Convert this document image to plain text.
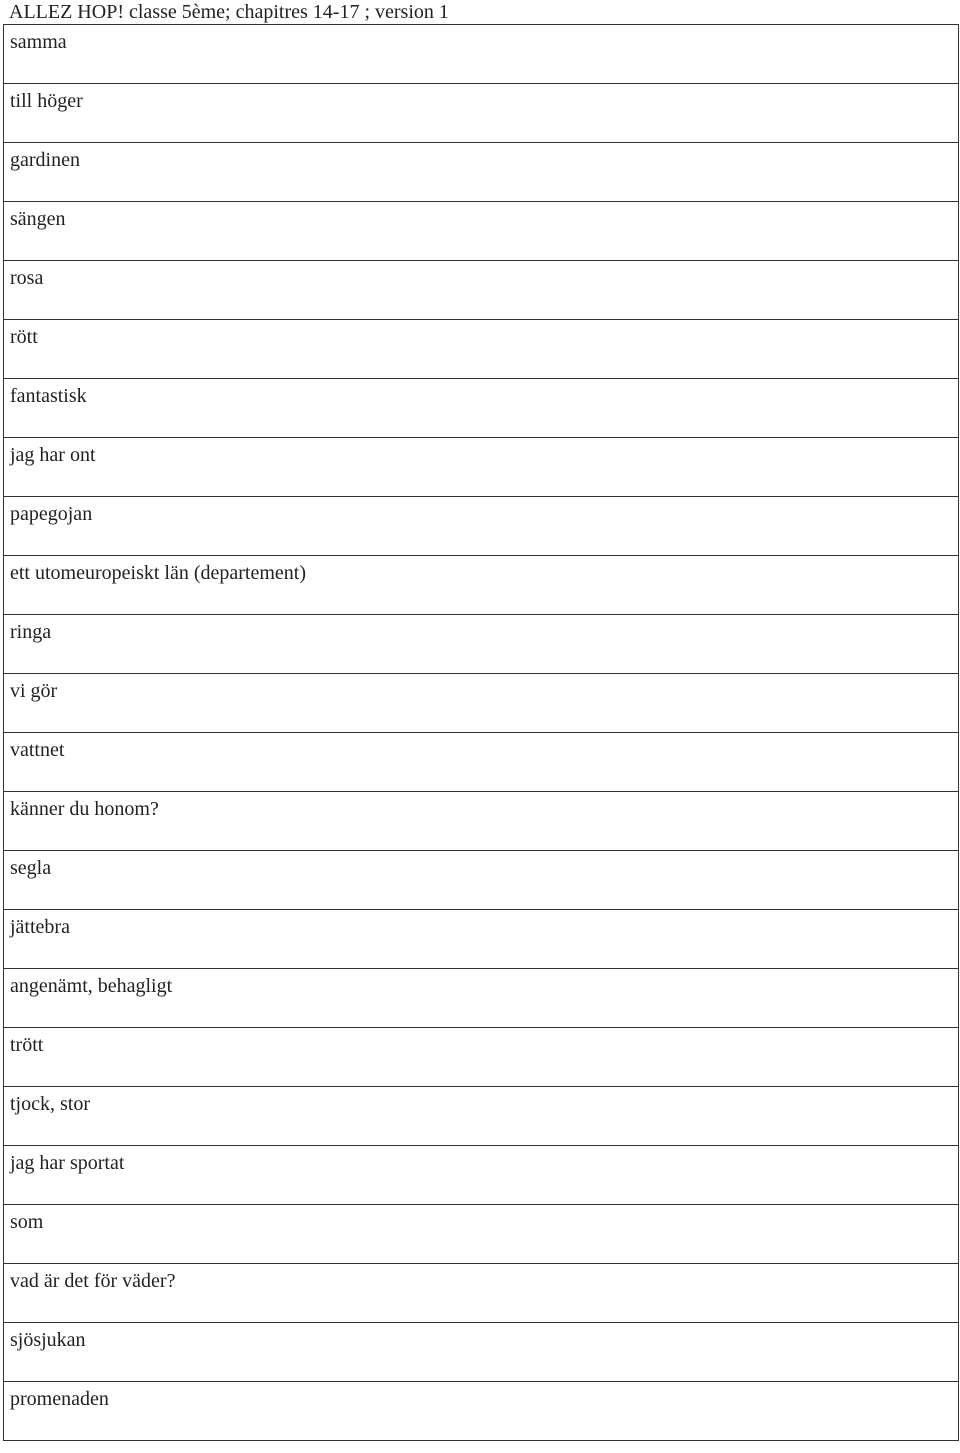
ALLEZ HOP! classe 5ème; chapitres 14-17 ; version 1
samma
till höger
gardinen
sängen
rosa
rött
fantastisk
jag har ont
papegojan
ett utomeuropeiskt län (departement)
ringa
vi gör
vattnet
känner du honom?
segla
jättebra
angenämt, behagligt
trött
tjock, stor
jag har sportat
som
vad är det för väder?
sjösjukan
promenaden
